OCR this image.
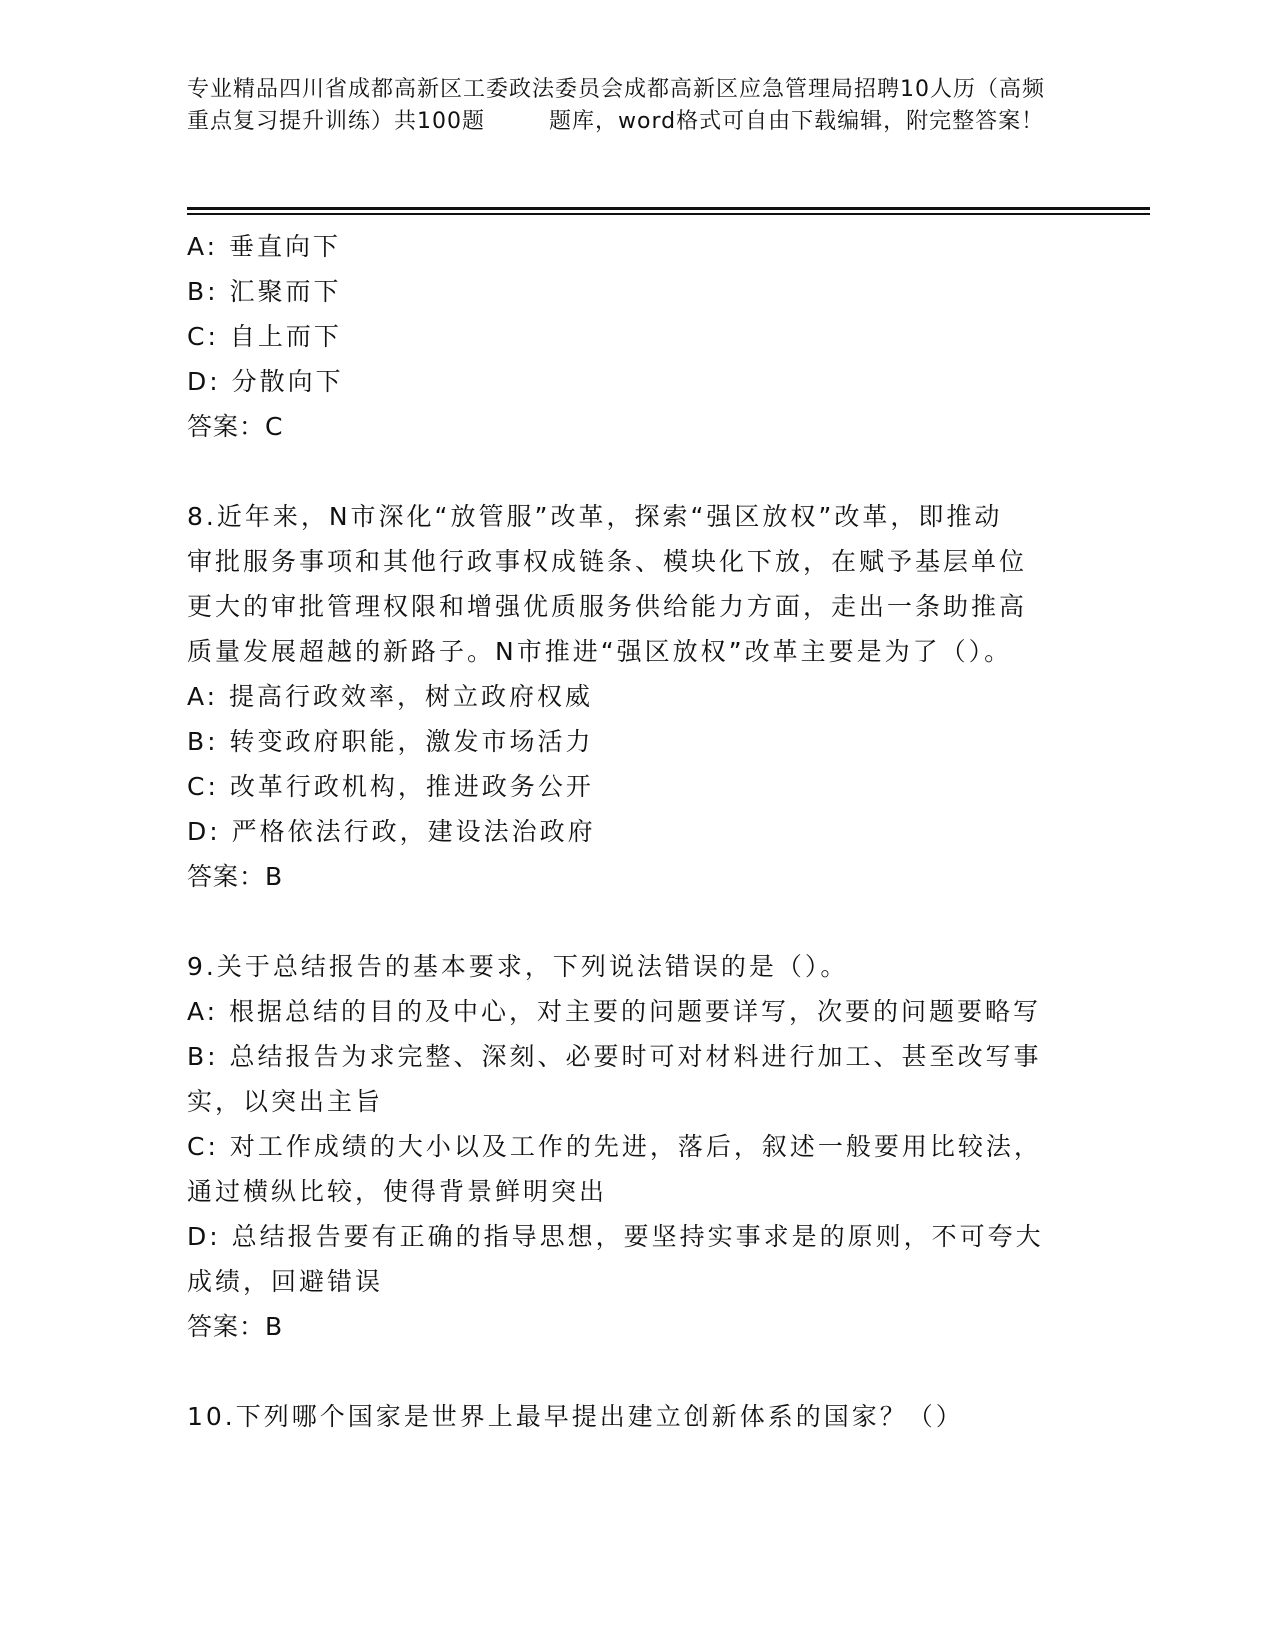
专业精品四川省成都高新区工委政法委员会成都高新区应急管理局招聘10人历（高频重点复习提升训练）共100题	题库，word格式可自由下载编辑，附完整答案！
A: 垂直向下
B: 汇聚而下
C: 自上而下
D: 分散向下
答案：C
8.近年来，N市深化“放管服”改革，探索“强区放权”改革，即推动
审批服务事项和其他行政事权成链条、模块化下放，在赋予基层单位
更大的审批管理权限和增强优质服务供给能力方面，走出一条助推高
质量发展超越的新路子。N市推进“强区放权”改革主要是为了（）。
A: 提高行政效率，树立政府权威
B: 转变政府职能，激发市场活力
C: 改革行政机构，推进政务公开
D: 严格依法行政，建设法治政府
答案：B
9.关于总结报告的基本要求，下列说法错误的是（）。
A: 根据总结的目的及中心，对主要的问题要详写，次要的问题要略写
B: 总结报告为求完整、深刻、必要时可对材料进行加工、甚至改写事
实，以突出主旨
C: 对工作成绩的大小以及工作的先进，落后，叙述一般要用比较法，
通过横纵比较，使得背景鲜明突出
D: 总结报告要有正确的指导思想，要坚持实事求是的原则，不可夸大
成绩，回避错误
答案：B
10.下列哪个国家是世界上最早提出建立创新体系的国家？（）
